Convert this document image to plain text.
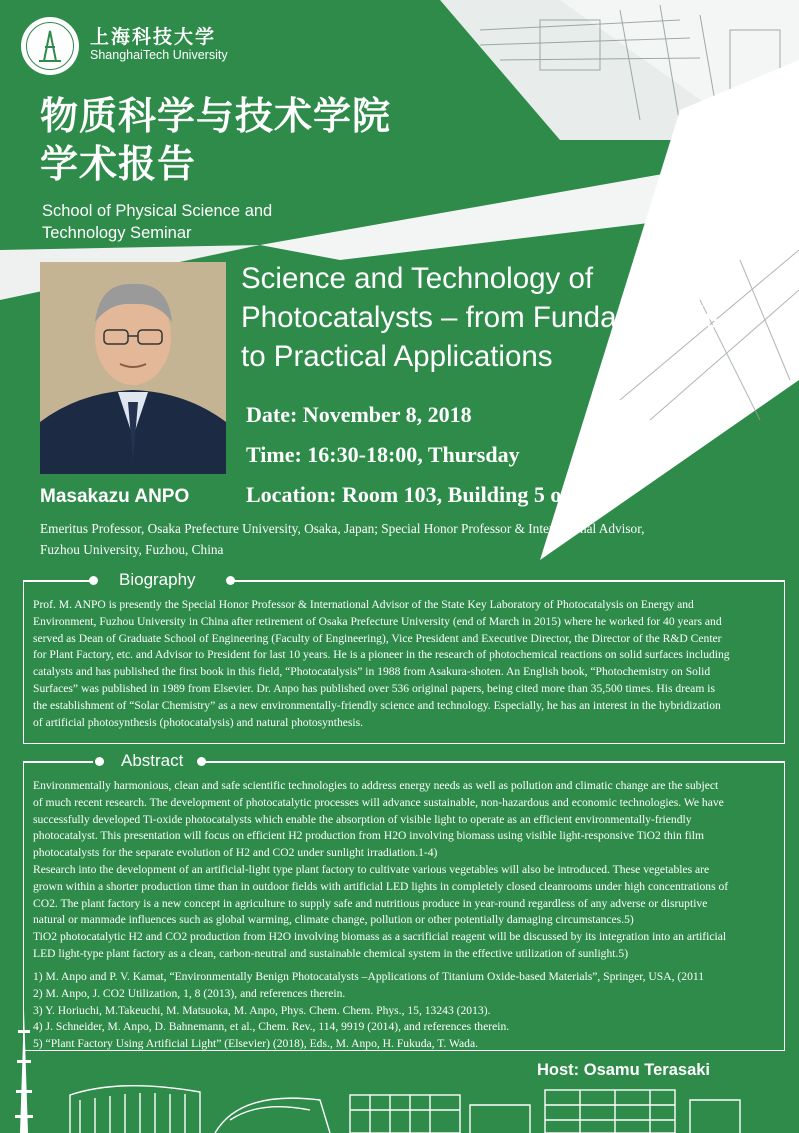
上海科技大学
ShanghaiTech University
物质科学与技术学院
学术报告
School of Physical Science and
Technology Seminar
Science and Technology of
Photocatalysts – from Fundamentals
to Practical Applications
Date: November 8, 2018
Time: 16:30-18:00, Thursday
Location: Room 103, Building 5 of SPST
Masakazu ANPO
Emeritus Professor, Osaka Prefecture University, Osaka, Japan; Special Honor Professor & International Advisor,
Fuzhou University, Fuzhou, China
Biography
Prof. M. ANPO is presently the Special Honor Professor & International Advisor of the State Key Laboratory of Photocatalysis on Energy and
Environment, Fuzhou University in China after retirement of Osaka Prefecture University (end of March in 2015) where he worked for 40 years and
served as Dean of Graduate School of Engineering (Faculty of Engineering), Vice President and Executive Director, the Director of the R&D Center
for Plant Factory, etc. and Advisor to President for last 10 years. He is a pioneer in the research of photochemical reactions on solid surfaces including
catalysts and has published the first book in this field, “Photocatalysis” in 1988 from Asakura-shoten. An English book, “Photochemistry on Solid
Surfaces” was published in 1989 from Elsevier. Dr. Anpo has published over 536 original papers, being cited more than 35,500 times. His dream is
the establishment of “Solar Chemistry” as a new environmentally-friendly science and technology. Especially, he has an interest in the hybridization
of artificial photosynthesis (photocatalysis) and natural photosynthesis.
Abstract
Environmentally harmonious, clean and safe scientific technologies to address energy needs as well as pollution and climatic change are the subject
of much recent research. The development of photocatalytic processes will advance sustainable, non-hazardous and economic technologies. We have
successfully developed Ti-oxide photocatalysts which enable the absorption of visible light to operate as an efficient environmentally-friendly
photocatalyst. This presentation will focus on efficient H2 production from H2O involving biomass using visible light-responsive TiO2 thin film
photocatalysts for the separate evolution of H2 and CO2 under sunlight irradiation.1-4)
Research into the development of an artificial-light type plant factory to cultivate various vegetables will also be introduced. These vegetables are
grown within a shorter production time than in outdoor fields with artificial LED lights in completely closed cleanrooms under high concentrations of
CO2. The plant factory is a new concept in agriculture to supply safe and nutritious produce in year-round regardless of any adverse or disruptive
natural or manmade influences such as global warming, climate change, pollution or other potentially damaging circumstances.5)
TiO2 photocatalytic H2 and CO2 production from H2O involving biomass as a sacrificial reagent will be discussed by its integration into an artificial
LED light-type plant factory as a clean, carbon-neutral and sustainable chemical system in the effective utilization of sunlight.5)
1) M. Anpo and P. V. Kamat, “Environmentally Benign Photocatalysts –Applications of Titanium Oxide-based Materials”, Springer, USA, (2011
2) M. Anpo, J. CO2 Utilization, 1, 8 (2013), and references therein.
3) Y. Horiuchi, M.Takeuchi, M. Matsuoka, M. Anpo, Phys. Chem. Chem. Phys., 15, 13243 (2013).
4) J. Schneider, M. Anpo, D. Bahnemann, et al., Chem. Rev., 114, 9919 (2014), and references therein.
5) “Plant Factory Using Artificial Light” (Elsevier) (2018), Eds., M. Anpo, H. Fukuda, T. Wada.
Host: Osamu Terasaki
